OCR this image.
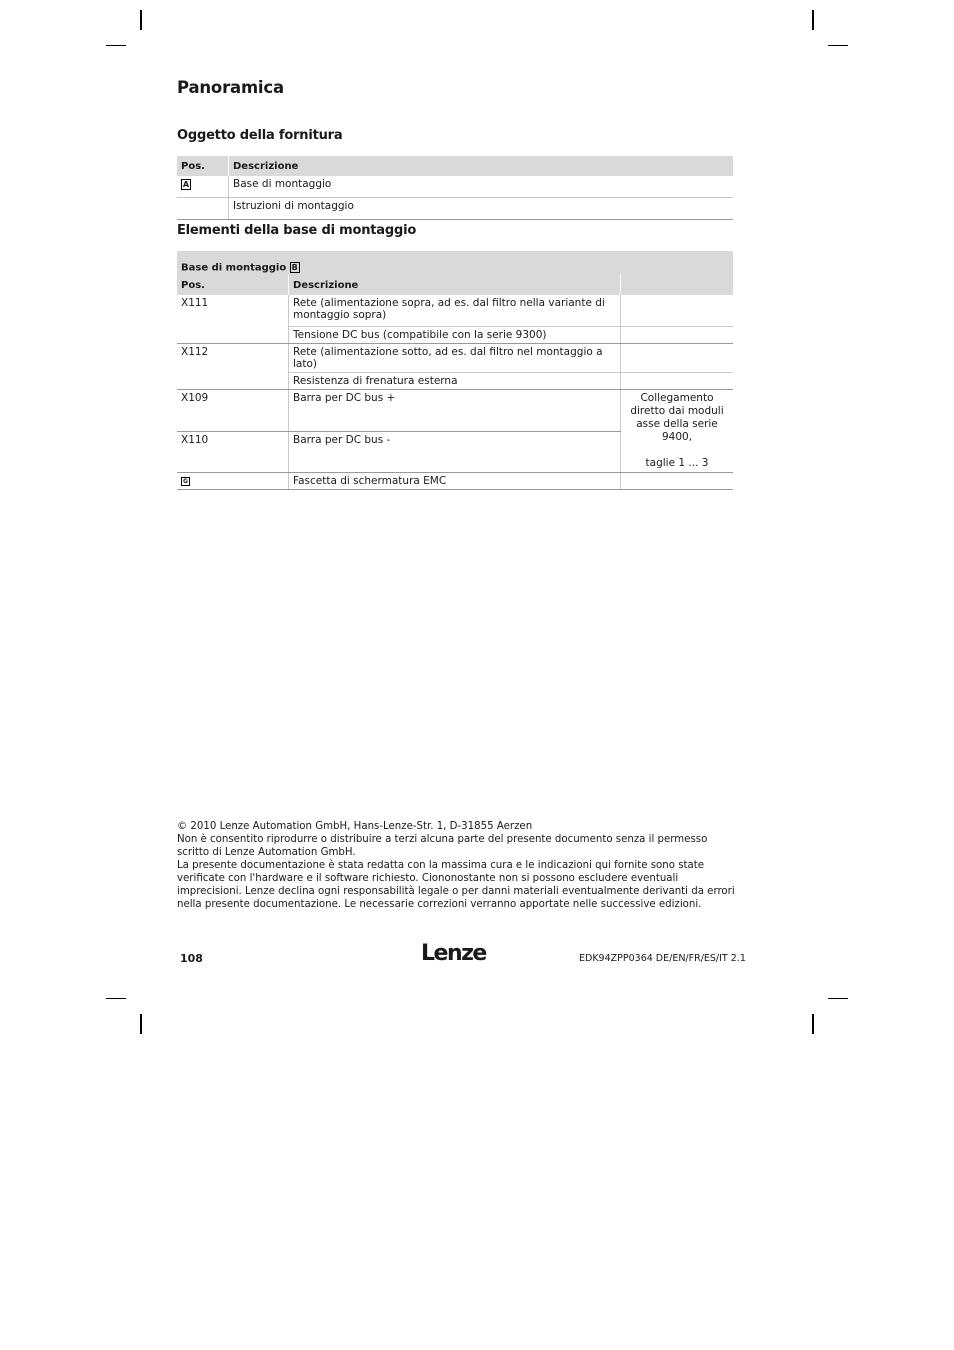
Panoramica
Oggetto della fornitura
Pos.	Descrizione
A	Base di montaggio
	Istruzioni di montaggio
Elementi della base di montaggio
Base di montaggio B		
Pos.	Descrizione	
X111	Rete (alimentazione sopra, ad es. dal filtro nella variante di montaggio sopra)	
	Tensione DC bus (compatibile con la serie 9300)	
X112	Rete (alimentazione sotto, ad es. dal filtro nel montaggio a lato)	
	Resistenza di frenatura esterna	
X109	Barra per DC bus +	Collegamento diretto dai moduli asse della serie 9400,
taglie 1 ... 3

X110	Barra per DC bus -	
G	Fascetta di schermatura EMC	

© 2010 Lenze Automation GmbH, Hans-Lenze-Str. 1, D-31855 Aerzen

Non è consentito riprodurre o distribuire a terzi alcuna parte del presente documento senza il permesso scritto di Lenze Automation GmbH.

La presente documentazione è stata redatta con la massima cura e le indicazioni qui fornite sono state verificate con l'hardware e il software richiesto. Ciononostante non si possono escludere eventuali imprecisioni. Lenze declina ogni responsabilità legale o per danni materiali eventualmente derivanti da errori nella presente documentazione. Le necessarie correzioni verranno apportate nelle successive edizioni.

108	Lenze	EDK94ZPP0364 DE/EN/FR/ES/IT 2.1
